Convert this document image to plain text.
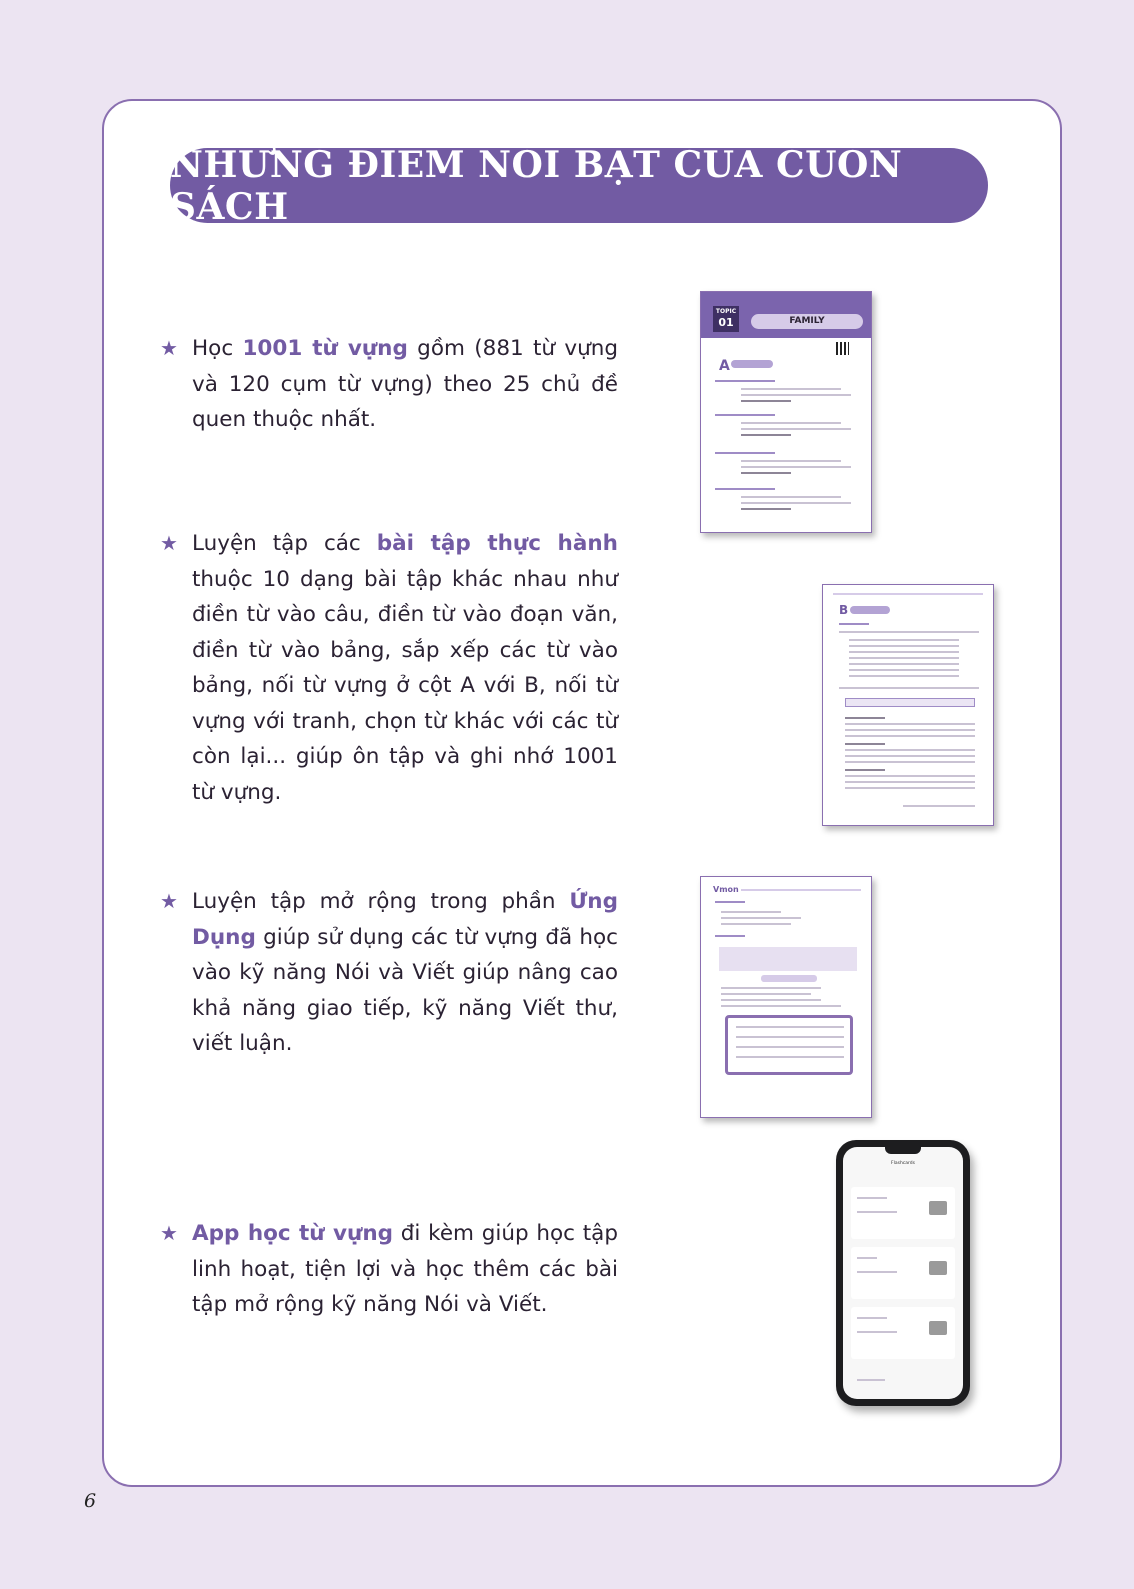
NHỮNG ĐIỂM NỔI BẬT CỦA CUỐN SÁCH
★ Học 1001 từ vựng gồm (881 từ vựng và 120 cụm từ vựng) theo 25 chủ đề quen thuộc nhất.
★ Luyện tập các bài tập thực hành thuộc 10 dạng bài tập khác nhau như điền từ vào câu, điền từ vào đoạn văn, điền từ vào bảng, sắp xếp các từ vào bảng, nối từ vựng ở cột A với B, nối từ vựng với tranh, chọn từ khác với các từ còn lại... giúp ôn tập và ghi nhớ 1001 từ vựng.
★ Luyện tập mở rộng trong phần Ứng Dụng giúp sử dụng các từ vựng đã học vào kỹ năng Nói và Viết giúp nâng cao khả năng giao tiếp, kỹ năng Viết thư, viết luận.
★ App học từ vựng đi kèm giúp học tập linh hoạt, tiện lợi và học thêm các bài tập mở rộng kỹ năng Nói và Viết.
TOPIC
01	FAMILY
A
B
Vmon
Flashcards
6
